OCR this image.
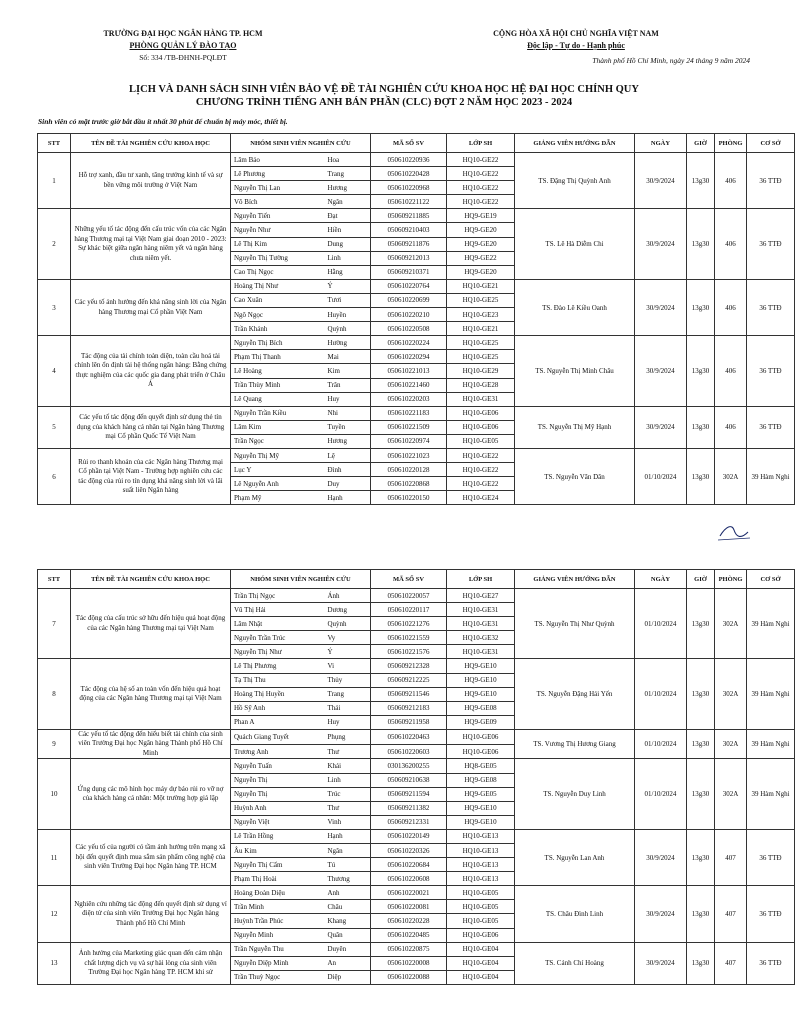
TRƯỜNG ĐẠI HỌC NGÂN HÀNG TP. HCM
PHÒNG QUẢN LÝ ĐÀO TẠO
Số: 334 /TB-ĐHNH-PQLĐT
CỘNG HÒA XÃ HỘI CHỦ NGHĨA VIỆT NAM
Độc lập - Tự do - Hạnh phúc
Thành phố Hồ Chí Minh, ngày 24 tháng 9 năm 2024
LỊCH VÀ DANH SÁCH SINH VIÊN BẢO VỆ ĐỀ TÀI NGHIÊN CỨU KHOA HỌC HỆ ĐẠI HỌC CHÍNH QUY
CHƯƠNG TRÌNH TIẾNG ANH BÁN PHẦN (CLC) ĐỢT 2 NĂM HỌC 2023 - 2024
Sinh viên có mặt trước giờ bắt đầu ít nhất 30 phút để chuẩn bị máy móc, thiết bị.
STT	TÊN ĐỀ TÀI NGHIÊN CỨU KHOA HỌC	NHÓM SINH VIÊN NGHIÊN CỨU		MÃ SỐ SV	LỚP SH	GIẢNG VIÊN HƯỚNG DẪN	NGÀY	GIỜ	PHÒNG	CƠ SỞ
1	Hỗ trợ xanh, đầu tư xanh, tăng trưởng kinh tế và sự bền vững môi trường ở Việt Nam	Lâm Bảo	Hoa	050610220936	HQ10-GE22	TS. Đặng Thị Quỳnh Anh	30/9/2024	13g30	406	36 TTĐ
		Lê Phương	Trang	050610220428	HQ10-GE22					
		Nguyễn Thị Lan	Hương	050610220968	HQ10-GE22					
		Võ Bích	Ngân	050610221122	HQ10-GE22					
2	Những yếu tố tác động đến cấu trúc vốn của các Ngân hàng Thương mại tại Việt Nam giai đoạn 2010 - 2023: Sự khác biệt giữa ngân hàng niêm yết và ngân hàng chưa niêm yết.	Nguyễn Tiến	Đạt	050609211885	HQ9-GE19	TS. Lê Hà Diễm Chi	30/9/2024	13g30	406	36 TTĐ
		Nguyễn Như	Hiền	050609210403	HQ9-GE20					
		Lê Thị Kim	Dung	050609211876	HQ9-GE20					
		Nguyễn Thị Tường	Linh	050609212013	HQ9-GE22					
		Cao Thị Ngọc	Hằng	050609210371	HQ9-GE20					
3	Các yếu tố ảnh hưởng đến khả năng sinh lời của Ngân hàng Thương mại Cổ phần Việt Nam	Hoàng Thị Như	Ý	050610220764	HQ10-GE21	TS. Đào Lê Kiều Oanh	30/9/2024	13g30	406	36 TTĐ
		Cao Xuân	Tươi	050610220699	HQ10-GE25					
		Ngô Ngọc	Huyền	050610220210	HQ10-GE23					
		Trần Khánh	Quỳnh	050610220508	HQ10-GE21					
4	Tác động của tài chính toàn diện, toàn cầu hoá tài chính lên ổn định tài hệ thống ngân hàng: Bằng chứng thực nghiệm của các quốc gia đang phát triển ở Châu Á	Nguyễn Thị Bích	Hường	050610220224	HQ10-GE25	TS. Nguyễn Thị Minh Châu	30/9/2024	13g30	406	36 TTĐ
		Phạm Thị Thanh	Mai	050610220294	HQ10-GE25					
		Lê Hoàng	Kim	050610221013	HQ10-GE29					
		Trần Thùy Minh	Trân	050610221460	HQ10-GE28					
		Lê Quang	Huy	050610220203	HQ10-GE31					
5	Các yếu tố tác động đến quyết định sử dụng thẻ tín dụng của khách hàng cá nhân tại Ngân hàng Thương mại Cổ phần Quốc Tế Việt Nam	Nguyễn Trần Kiều	Nhi	050610221183	HQ10-GE06	TS. Nguyễn Thị Mỹ Hạnh	30/9/2024	13g30	406	36 TTĐ
		Lâm Kim	Tuyền	050610221509	HQ10-GE06					
		Trần Ngọc	Hương	050610220974	HQ10-GE05					
6	Rủi ro thanh khoản của các Ngân hàng Thương mại Cổ phần tại Việt Nam - Trường hợp nghiên cứu các tác động của rủi ro tín dụng khả năng sinh lời và lãi suất liên Ngân hàng	Nguyễn Thị Mỹ	Lệ	050610221023	HQ10-GE22	TS. Nguyễn Văn Dân	01/10/2024	13g30	302A	39 Hàm Nghi
		Lục Y	Đình	050610220128	HQ10-GE22					
		Lê Nguyễn Anh	Duy	050610220868	HQ10-GE22					
		Phạm Mỹ	Hạnh	050610220150	HQ10-GE24					
STT	TÊN ĐỀ TÀI NGHIÊN CỨU KHOA HỌC	NHÓM SINH VIÊN NGHIÊN CỨU		MÃ SỐ SV	LỚP SH	GIẢNG VIÊN HƯỚNG DẪN	NGÀY	GIỜ	PHÒNG	CƠ SỞ
7	Tác động của cấu trúc sở hữu đến hiệu quả hoạt động của các Ngân hàng Thương mại tại Việt Nam	Trần Thị Ngọc	Ánh	050610220057	HQ10-GE27	TS. Nguyễn Thị Như Quỳnh	01/10/2024	13g30	302A	39 Hàm Nghi
		Vũ Thị Hải	Dương	050610220117	HQ10-GE31					
		Lâm Nhật	Quỳnh	050610221276	HQ10-GE31					
		Nguyễn Trần Trúc	Vy	050610221559	HQ10-GE32					
		Nguyễn Thị Như	Ý	050610221576	HQ10-GE31					
8	Tác động của hệ số an toàn vốn đến hiệu quả hoạt động của các Ngân hàng Thương mại tại Việt Nam	Lê Thị Phương	Vi	050609212328	HQ9-GE10	TS. Nguyễn Đặng Hải Yến	01/10/2024	13g30	302A	39 Hàm Nghi
		Tạ Thị Thu	Thủy	050609212225	HQ9-GE10					
		Hoàng Thị Huyền	Trang	050609211546	HQ9-GE10					
		Hồ Sỹ Anh	Thái	050609212183	HQ9-GE08					
		Phan A	Huy	050609211958	HQ9-GE09					
9	Các yếu tố tác động đến hiểu biết tài chính của sinh viên Trường Đại học Ngân hàng Thành phố Hồ Chí Minh	Quách Giang Tuyết	Phụng	050610220463	HQ10-GE06	TS. Vương Thị Hương Giang	01/10/2024	13g30	302A	39 Hàm Nghi
		Trương Anh	Thư	050610220603	HQ10-GE06					
10	Ứng dụng các mô hình học máy dự báo rủi ro vỡ nợ của khách hàng cá nhân: Một trường hợp giả lập	Nguyễn Tuấn	Khải	030136200255	HQ8-GE05	TS. Nguyễn Duy Linh	01/10/2024	13g30	302A	39 Hàm Nghi
		Nguyễn Thị	Linh	050609210638	HQ9-GE08					
		Nguyễn Thị	Trúc	050609211594	HQ9-GE05					
		Huỳnh Anh	Thư	050609211382	HQ9-GE10					
		Nguyễn Việt	Vinh	050609212331	HQ9-GE10					
11	Các yếu tố của người có tầm ảnh hưởng trên mạng xã hội đến quyết định mua sắm sản phẩm công nghệ của sinh viên Trường Đại học Ngân hàng TP. HCM	Lê Trần Hồng	Hạnh	050610220149	HQ10-GE13	TS. Nguyễn Lan Anh	30/9/2024	13g30	407	36 TTĐ
		Âu Kim	Ngân	050610220326	HQ10-GE13					
		Nguyễn Thị Cẩm	Tú	050610220684	HQ10-GE13					
		Phạm Thị Hoài	Thương	050610220608	HQ10-GE13					
12	Nghiên cứu những tác động đến quyết định sử dụng ví điện tử của sinh viên Trường Đại học Ngân hàng Thành phố Hồ Chí Minh	Hoàng Đoàn Diệu	Anh	050610220021	HQ10-GE05	TS. Châu Đình Linh	30/9/2024	13g30	407	36 TTĐ
		Trần Minh	Châu	050610220081	HQ10-GE05					
		Huỳnh Trần Phúc	Khang	050610220228	HQ10-GE05					
		Nguyễn Minh	Quân	050610220485	HQ10-GE06					
13	Ảnh hưởng của Marketing giác quan đến cảm nhận chất lượng dịch vụ và sự hài lòng của sinh viên Trường Đại học Ngân hàng TP. HCM khi sử	Trần Nguyễn Thu	Duyên	050610220875	HQ10-GE04	TS. Cảnh Chí Hoàng	30/9/2024	13g30	407	36 TTĐ
		Nguyễn Diệp Minh	An	050610220008	HQ10-GE04					
		Trần Thuỳ Ngọc	Diệp	050610220088	HQ10-GE04					
